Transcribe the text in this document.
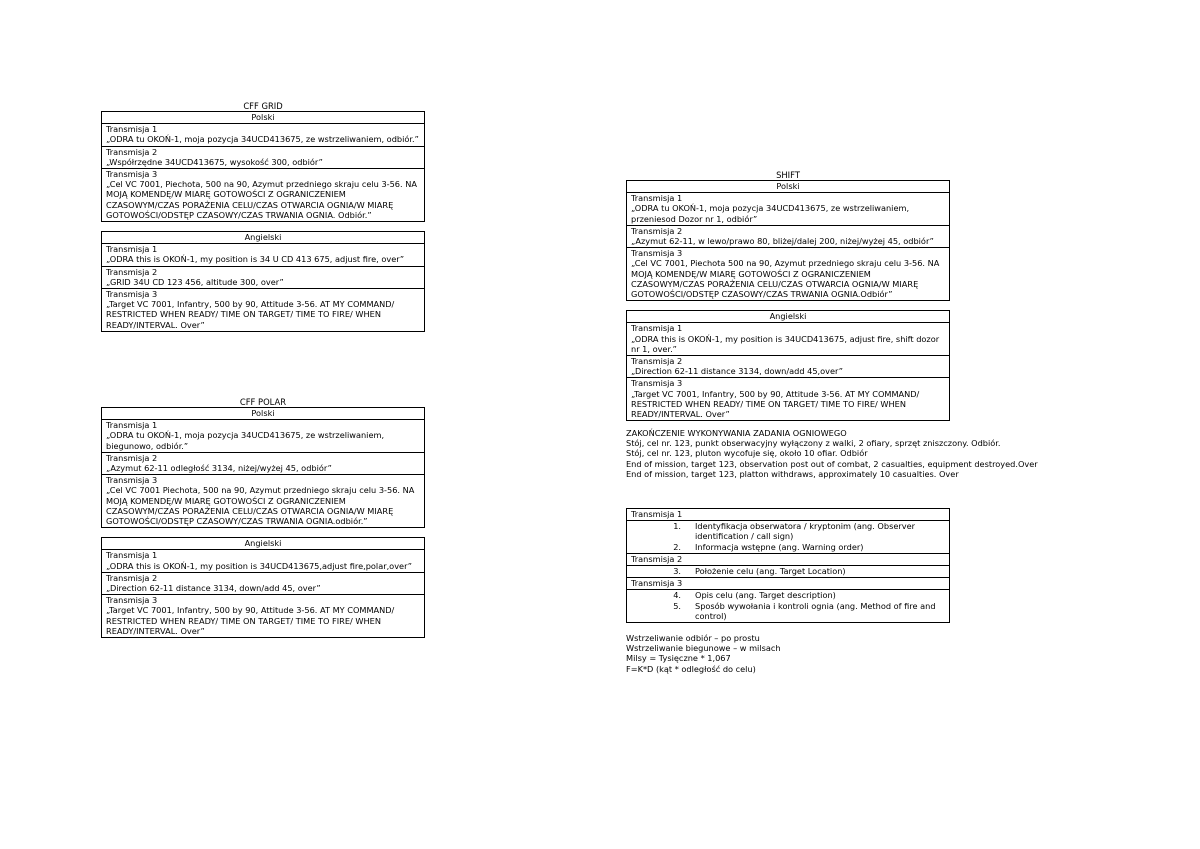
CFF GRID
Polski

Transmisja 1
„ODRA tu OKOŃ-1, moja pozycja 34UCD413675, ze wstrzeliwaniem, odbiór.”

Transmisja 2
„Współrzędne 34UCD413675, wysokość 300, odbiór”

Transmisja 3
„Cel VC 7001, Piechota, 500 na 90, Azymut przedniego skraju celu 3-56. NA MOJĄ KOMENDĘ/W MIARĘ GOTOWOŚCI Z OGRANICZENIEM CZASOWYM/CZAS PORAŻENIA CELU/CZAS OTWARCIA OGNIA/W MIARĘ GOTOWOŚCI/ODSTĘP CZASOWY/CZAS TRWANIA OGNIA. Odbiór.”
Angielski

Transmisja 1
„ODRA this is OKOŃ-1, my position is 34 U CD 413 675, adjust fire, over”

Transmisja 2
„GRID 34U CD 123 456, altitude 300, over”

Transmisja 3
„Target VC 7001, Infantry, 500 by 90, Attitude 3-56. AT MY COMMAND/ RESTRICTED WHEN READY/ TIME ON TARGET/ TIME TO FIRE/ WHEN READY/INTERVAL. Over”
CFF POLAR
Polski

Transmisja 1
„ODRA tu OKOŃ-1, moja pozycja 34UCD413675, ze wstrzeliwaniem, biegunowo, odbiór.”

Transmisja 2
„Azymut 62-11 odległość 3134, niżej/wyżej 45, odbiór”

Transmisja 3
„Cel VC 7001 Piechota, 500 na 90, Azymut przedniego skraju celu 3-56. NA MOJĄ KOMENDĘ/W MIARĘ GOTOWOŚCI Z OGRANICZENIEM CZASOWYM/CZAS PORAŻENIA CELU/CZAS OTWARCIA OGNIA/W MIARĘ GOTOWOŚCI/ODSTĘP CZASOWY/CZAS TRWANIA OGNIA.odbiór.”
Angielski

Transmisja 1
„ODRA this is OKOŃ-1, my position is 34UCD413675,adjust fire,polar,over”

Transmisja 2
„Direction 62-11 distance 3134, down/add 45, over”

Transmisja 3
„Target VC 7001, Infantry, 500 by 90, Attitude 3-56. AT MY COMMAND/ RESTRICTED WHEN READY/ TIME ON TARGET/ TIME TO FIRE/ WHEN READY/INTERVAL. Over”
SHIFT
Polski

Transmisja 1
„ODRA tu OKOŃ-1, moja pozycja 34UCD413675, ze wstrzeliwaniem, przeniesod Dozor nr 1, odbiór”

Transmisja 2
„Azymut 62-11, w lewo/prawo 80, bliżej/dalej 200, niżej/wyżej 45, odbiór”

Transmisja 3
„Cel VC 7001, Piechota 500 na 90, Azymut przedniego skraju celu 3-56. NA MOJĄ KOMENDĘ/W MIARĘ GOTOWOŚCI Z OGRANICZENIEM CZASOWYM/CZAS PORAŻENIA CELU/CZAS OTWARCIA OGNIA/W MIARĘ GOTOWOŚCI/ODSTĘP CZASOWY/CZAS TRWANIA OGNIA.Odbiór”
Angielski

Transmisja 1
„ODRA this is OKOŃ-1, my position is 34UCD413675, adjust fire, shift dozor nr 1, over.”

Transmisja 2
„Direction 62-11 distance 3134, down/add 45,over”

Transmisja 3
„Target VC 7001, Infantry, 500 by 90, Attitude 3-56. AT MY COMMAND/ RESTRICTED WHEN READY/ TIME ON TARGET/ TIME TO FIRE/ WHEN READY/INTERVAL. Over”
ZAKOŃCZENIE WYKONYWANIA ZADANIA OGNIOWEGO
Stój, cel nr. 123, punkt obserwacyjny wyłączony z walki, 2 ofiary, sprzęt zniszczony. Odbiór.
Stój, cel nr. 123, pluton wycofuje się, około 10 ofiar. Odbiór
End of mission, target 123, observation post out of combat, 2 casualties, equipment destroyed.Over
End of mission, target 123, platton withdraws, approximately 10 casualties. Over
Transmisja 1

1.	Identyfikacja obserwatora / kryptonim (ang. Observer identification / call sign)
2.	Informacja wstępne (ang. Warning order)

Transmisja 2

3.	Położenie celu (ang. Target Location)

Transmisja 3

4.	Opis celu (ang. Target description)
5.	Sposób wywołania i kontroli ognia (ang. Method of fire and control)
Wstrzeliwanie odbiór – po prostu
Wstrzeliwanie biegunowe – w milsach
Milsy = Tysięczne * 1,067
F=K*D (kąt * odległość do celu)
